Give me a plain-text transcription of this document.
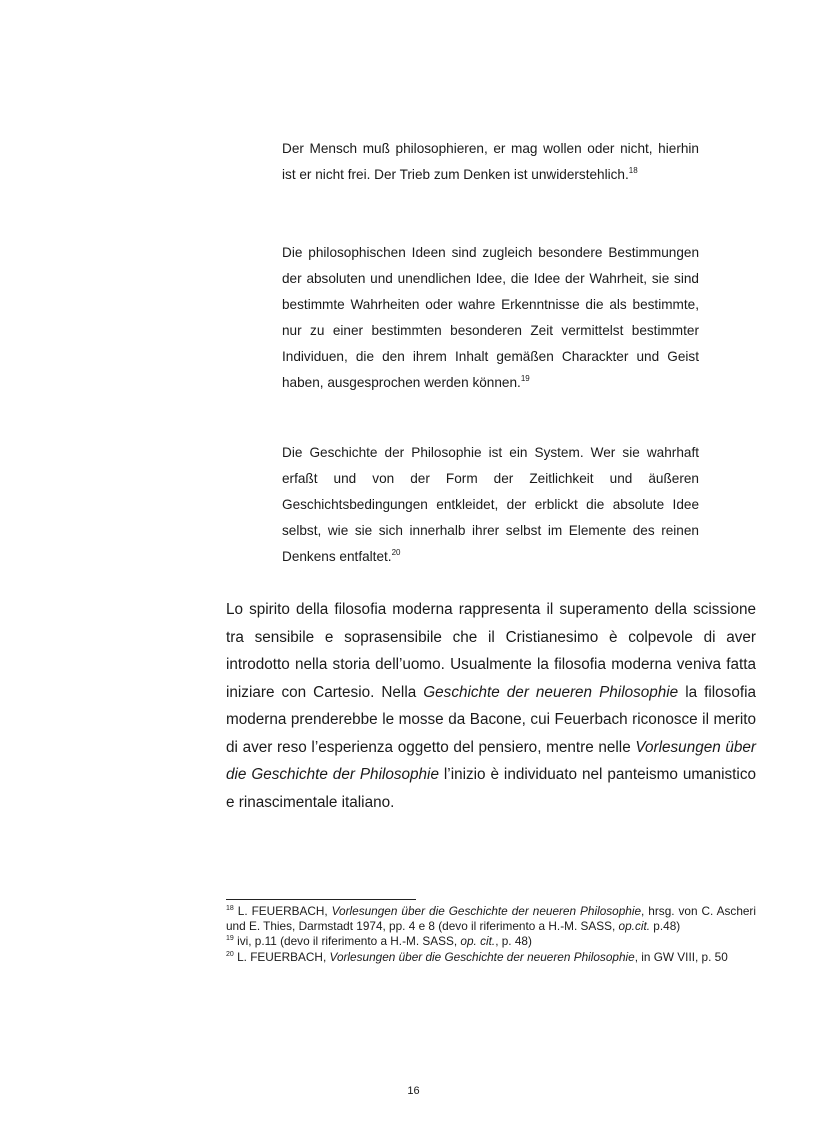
Der Mensch muß philosophieren, er mag wollen oder nicht, hierhin ist er nicht frei. Der Trieb zum Denken ist unwiderstehlich.$^{18}$

Die philosophischen Ideen sind zugleich besondere Bestimmungen der absoluten und unendlichen Idee, die Idee der Wahrheit, sie sind bestimmte Wahrheiten oder wahre Erkenntnisse die als bestimmte, nur zu einer bestimmten besonderen Zeit vermittelst bestimmter Individuen, die den ihrem Inhalt gemäßen Charackter und Geist haben, ausgesprochen werden können.$^{19}$

Die Geschichte der Philosophie ist ein System. Wer sie wahrhaft erfaßt und von der Form der Zeitlichkeit und äußeren Geschichtsbedingungen entkleidet, der erblickt die absolute Idee selbst, wie sie sich innerhalb ihrer selbst im Elemente des reinen Denkens entfaltet.$^{20}$

Lo spirito della filosofia moderna rappresenta il superamento della scissione tra sensibile e soprasensibile che il Cristianesimo è colpevole di aver introdotto nella storia dell’uomo. Usualmente la filosofia moderna veniva fatta iniziare con Cartesio. Nella Geschichte der neueren Philosophie la filosofia moderna prenderebbe le mosse da Bacone, cui Feuerbach riconosce il merito di aver reso l’esperienza oggetto del pensiero, mentre nelle Vorlesungen über die Geschichte der Philosophie l’inizio è individuato nel panteismo umanistico e rinascimentale italiano.

$^{18}$ L. FEUERBACH, Vorlesungen über die Geschichte der neueren Philosophie, hrsg. von C. Ascheri und E. Thies, Darmstadt 1974, pp. 4 e 8 (devo il riferimento a H.-M. SASS, op.cit. p.48)

$^{19}$ ivi, p.11 (devo il riferimento a H.-M. SASS, op. cit., p. 48)

$^{20}$ L. FEUERBACH, Vorlesungen über die Geschichte der neueren Philosophie, in GW VIII, p. 50

16
